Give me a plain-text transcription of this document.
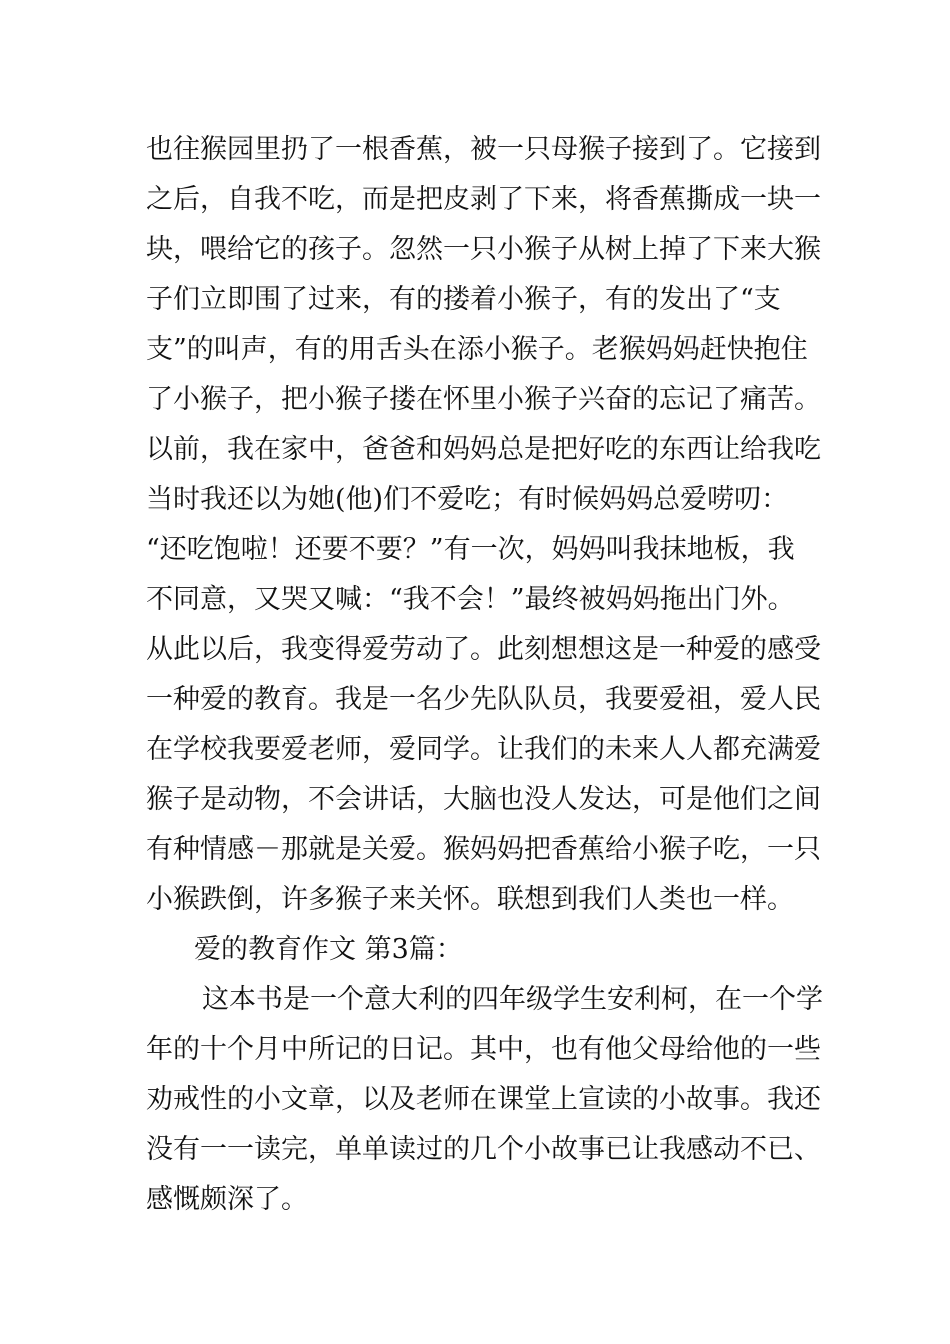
也往猴园里扔了一根香蕉，被一只母猴子接到了。它接到
之后，自我不吃，而是把皮剥了下来，将香蕉撕成一块一
块，喂给它的孩子。忽然一只小猴子从树上掉了下来大猴
子们立即围了过来，有的搂着小猴子，有的发出了“支
支”的叫声，有的用舌头在添小猴子。老猴妈妈赶快抱住
了小猴子，把小猴子搂在怀里小猴子兴奋的忘记了痛苦。
以前，我在家中，爸爸和妈妈总是把好吃的东西让给我吃
当时我还以为她(他)们不爱吃；有时候妈妈总爱唠叨：
“还吃饱啦！还要不要？”有一次，妈妈叫我抹地板，我
不同意，又哭又喊：“我不会！”最终被妈妈拖出门外。
从此以后，我变得爱劳动了。此刻想想这是一种爱的感受
一种爱的教育。我是一名少先队队员，我要爱祖，爱人民
在学校我要爱老师，爱同学。让我们的未来人人都充满爱
猴子是动物，不会讲话，大脑也没人发达，可是他们之间
有种情感－那就是关爱。猴妈妈把香蕉给小猴子吃，一只
小猴跌倒，许多猴子来关怀。联想到我们人类也一样。
爱的教育作文 第3篇：
这本书是一个意大利的四年级学生安利柯，在一个学
年的十个月中所记的日记。其中，也有他父母给他的一些
劝戒性的小文章，以及老师在课堂上宣读的小故事。我还
没有一一读完，单单读过的几个小故事已让我感动不已、
感慨颇深了。
